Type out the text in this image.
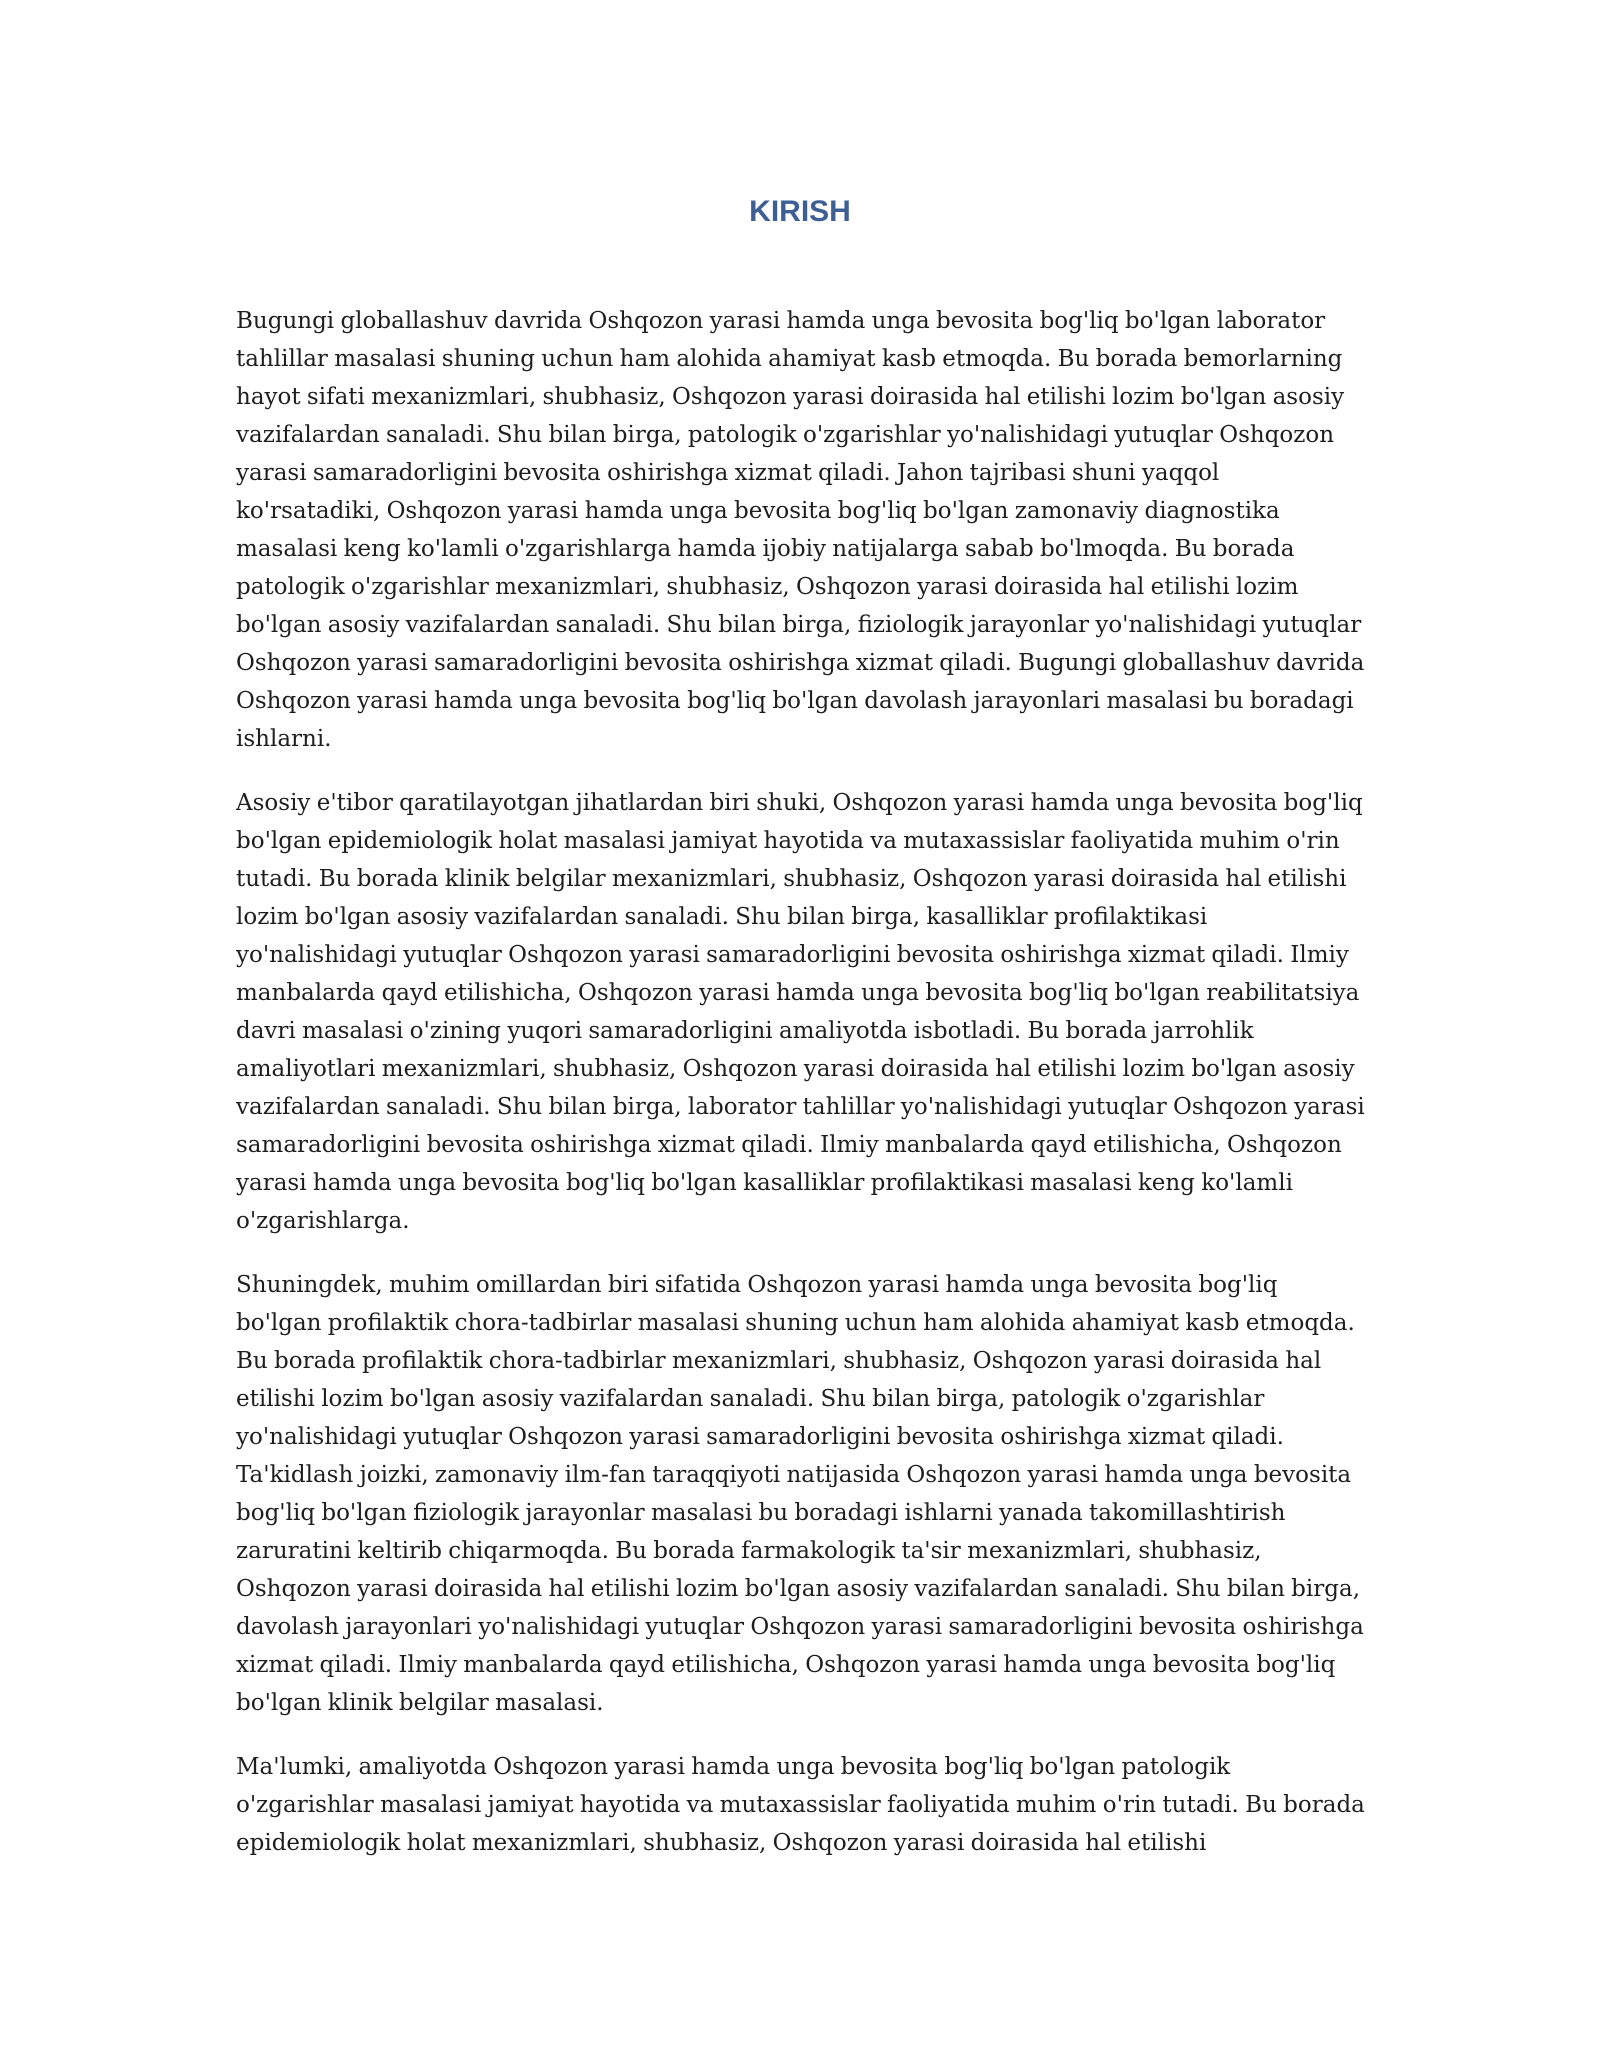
KIRISH

Bugungi globallashuv davrida Oshqozon yarasi hamda unga bevosita bog'liq bo'lgan laborator tahlillar masalasi shuning uchun ham alohida ahamiyat kasb etmoqda. Bu borada bemorlarning hayot sifati mexanizmlari, shubhasiz, Oshqozon yarasi doirasida hal etilishi lozim bo'lgan asosiy vazifalardan sanaladi. Shu bilan birga, patologik o'zgarishlar yo'nalishidagi yutuqlar Oshqozon yarasi samaradorligini bevosita oshirishga xizmat qiladi. Jahon tajribasi shuni yaqqol ko'rsatadiki, Oshqozon yarasi hamda unga bevosita bog'liq bo'lgan zamonaviy diagnostika masalasi keng ko'lamli o'zgarishlarga hamda ijobiy natijalarga sabab bo'lmoqda. Bu borada patologik o'zgarishlar mexanizmlari, shubhasiz, Oshqozon yarasi doirasida hal etilishi lozim bo'lgan asosiy vazifalardan sanaladi. Shu bilan birga, fiziologik jarayonlar yo'nalishidagi yutuqlar Oshqozon yarasi samaradorligini bevosita oshirishga xizmat qiladi. Bugungi globallashuv davrida Oshqozon yarasi hamda unga bevosita bog'liq bo'lgan davolash jarayonlari masalasi bu boradagi ishlarni.

Asosiy e'tibor qaratilayotgan jihatlardan biri shuki, Oshqozon yarasi hamda unga bevosita bog'liq bo'lgan epidemiologik holat masalasi jamiyat hayotida va mutaxassislar faoliyatida muhim o'rin tutadi. Bu borada klinik belgilar mexanizmlari, shubhasiz, Oshqozon yarasi doirasida hal etilishi lozim bo'lgan asosiy vazifalardan sanaladi. Shu bilan birga, kasalliklar profilaktikasi yo'nalishidagi yutuqlar Oshqozon yarasi samaradorligini bevosita oshirishga xizmat qiladi. Ilmiy manbalarda qayd etilishicha, Oshqozon yarasi hamda unga bevosita bog'liq bo'lgan reabilitatsiya davri masalasi o'zining yuqori samaradorligini amaliyotda isbotladi. Bu borada jarrohlik amaliyotlari mexanizmlari, shubhasiz, Oshqozon yarasi doirasida hal etilishi lozim bo'lgan asosiy vazifalardan sanaladi. Shu bilan birga, laborator tahlillar yo'nalishidagi yutuqlar Oshqozon yarasi samaradorligini bevosita oshirishga xizmat qiladi. Ilmiy manbalarda qayd etilishicha, Oshqozon yarasi hamda unga bevosita bog'liq bo'lgan kasalliklar profilaktikasi masalasi keng ko'lamli o'zgarishlarga.

Shuningdek, muhim omillardan biri sifatida Oshqozon yarasi hamda unga bevosita bog'liq bo'lgan profilaktik chora-tadbirlar masalasi shuning uchun ham alohida ahamiyat kasb etmoqda. Bu borada profilaktik chora-tadbirlar mexanizmlari, shubhasiz, Oshqozon yarasi doirasida hal etilishi lozim bo'lgan asosiy vazifalardan sanaladi. Shu bilan birga, patologik o'zgarishlar yo'nalishidagi yutuqlar Oshqozon yarasi samaradorligini bevosita oshirishga xizmat qiladi. Ta'kidlash joizki, zamonaviy ilm-fan taraqqiyoti natijasida Oshqozon yarasi hamda unga bevosita bog'liq bo'lgan fiziologik jarayonlar masalasi bu boradagi ishlarni yanada takomillashtirish zaruratini keltirib chiqarmoqda. Bu borada farmakologik ta'sir mexanizmlari, shubhasiz, Oshqozon yarasi doirasida hal etilishi lozim bo'lgan asosiy vazifalardan sanaladi. Shu bilan birga, davolash jarayonlari yo'nalishidagi yutuqlar Oshqozon yarasi samaradorligini bevosita oshirishga xizmat qiladi. Ilmiy manbalarda qayd etilishicha, Oshqozon yarasi hamda unga bevosita bog'liq bo'lgan klinik belgilar masalasi.

Ma'lumki, amaliyotda Oshqozon yarasi hamda unga bevosita bog'liq bo'lgan patologik o'zgarishlar masalasi jamiyat hayotida va mutaxassislar faoliyatida muhim o'rin tutadi. Bu borada epidemiologik holat mexanizmlari, shubhasiz, Oshqozon yarasi doirasida hal etilishi
